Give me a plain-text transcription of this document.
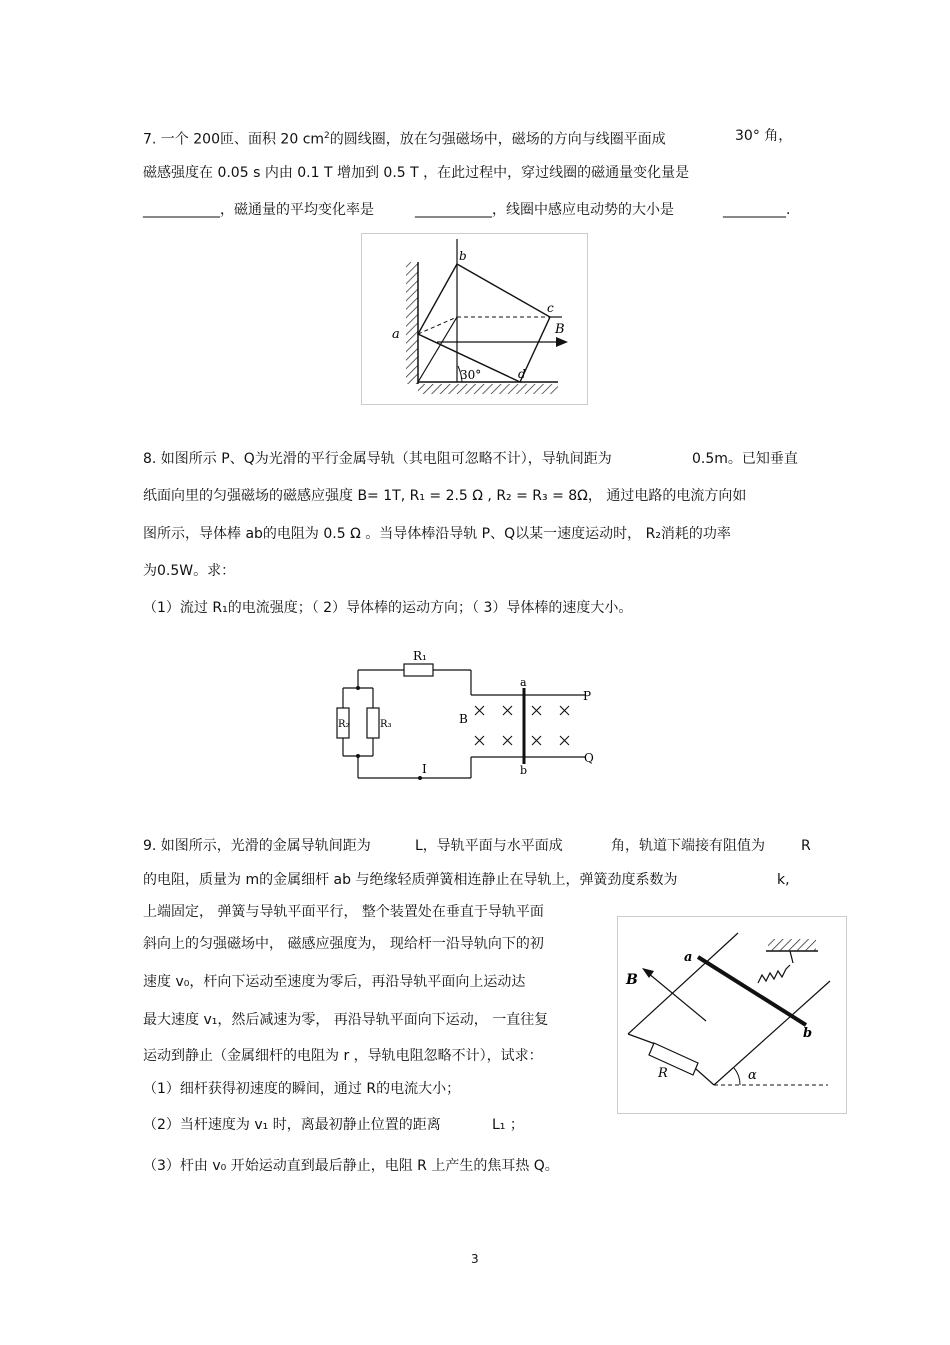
7. 一个 200匝、面积 20 $cm^2$的圆线圈，放在匀强磁场中，磁场的方向与线圈平面成	30° 角，
磁感强度在 0.05 s 内由 0.1 T 增加到 0.5 T ，在此过程中，穿过线圈的磁通量变化量是
___________，磁通量的平均变化率是	___________，线圈中感应电动势的大小是	_________.
b
c
B
a
30°	d
8. 如图所示 P、Q为光滑的平行金属导轨（其电阻可忽略不计），导轨间距为	0.5m。已知垂直
纸面向里的匀强磁场的磁感应强度 B= 1T, R₁ = 2.5 Ω , R₂ = R₃ = 8Ω， 通过电路的电流方向如
图所示，导体棒 ab的电阻为 0.5 Ω 。当导体棒沿导轨 P、Q以某一速度运动时， R₂消耗的功率
为0.5W。求：
（1）流过 R₁的电流强度；（ 2）导体棒的运动方向；（ 3）导体棒的速度大小。
R₁
R₂	R₃	B
a
b
P
Q
I
9. 如图所示，光滑的金属导轨间距为	L，导轨平面与水平面成	角，轨道下端接有阻值为	R
的电阻，质量为 m的金属细杆 ab 与绝缘轻质弹簧相连静止在导轨上，弹簧劲度系数为	k,
上端固定， 弹簧与导轨平面平行， 整个装置处在垂直于导轨平面
斜向上的匀强磁场中， 磁感应强度为， 现给杆一沿导轨向下的初
速度 v₀，杆向下运动至速度为零后，再沿导轨平面向上运动达
最大速度 v₁，然后减速为零， 再沿导轨平面向下运动， 一直往复
运动到静止（金属细杆的电阻为 r ，导轨电阻忽略不计），试求：
（1）细杆获得初速度的瞬间，通过 R的电流大小；
（2）当杆速度为 v₁ 时，离最初静止位置的距离	L₁ ；
（3）杆由 v₀ 开始运动直到最后静止，电阻 R 上产生的焦耳热 Q。
B
a
b
R	α
3
